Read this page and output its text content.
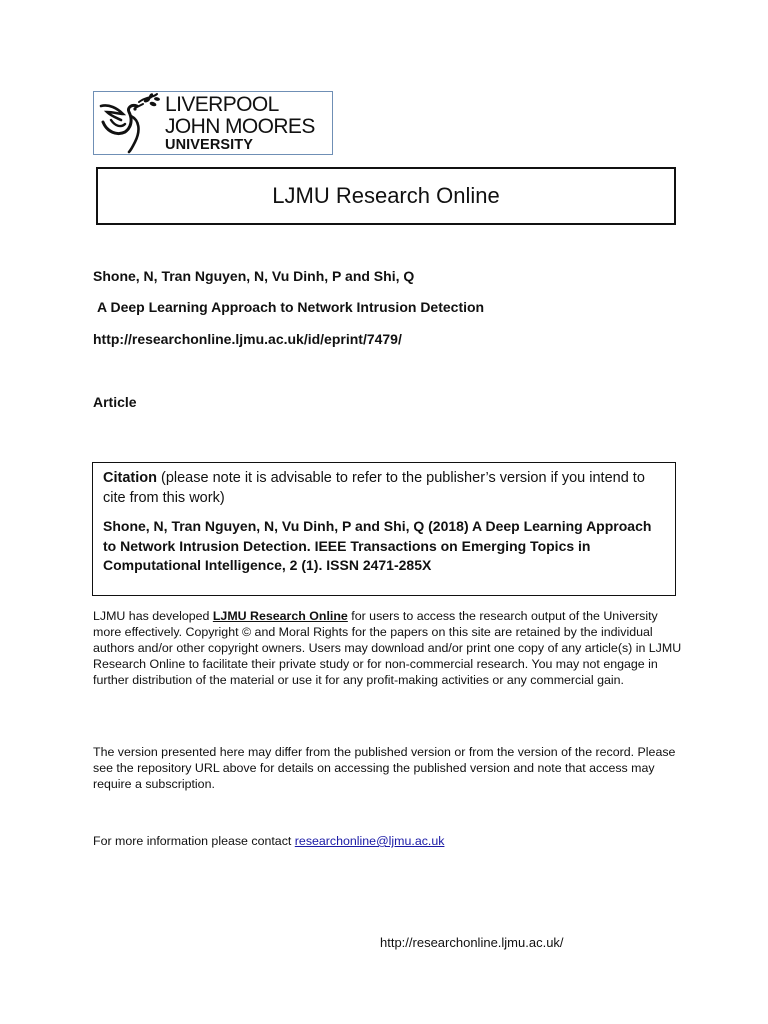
LIVERPOOL
JOHN MOORES
UNIVERSITY
LJMU Research Online
Shone, N, Tran Nguyen, N, Vu Dinh, P and Shi, Q
A Deep Learning Approach to Network Intrusion Detection
http://researchonline.ljmu.ac.uk/id/eprint/7479/
Article
Citation (please note it is advisable to refer to the publisher’s version if you intend to cite from this work)
Shone, N, Tran Nguyen, N, Vu Dinh, P and Shi, Q (2018) A Deep Learning Approach to Network Intrusion Detection. IEEE Transactions on Emerging Topics in Computational Intelligence, 2 (1). ISSN 2471-285X
LJMU has developed LJMU Research Online for users to access the research output of the University more effectively. Copyright © and Moral Rights for the papers on this site are retained by the individual authors and/or other copyright owners. Users may download and/or print one copy of any article(s) in LJMU Research Online to facilitate their private study or for non-commercial research. You may not engage in further distribution of the material or use it for any profit-making activities or any commercial gain.
The version presented here may differ from the published version or from the version of the record. Please see the repository URL above for details on accessing the published version and note that access may require a subscription.
For more information please contact researchonline@ljmu.ac.uk
http://researchonline.ljmu.ac.uk/
